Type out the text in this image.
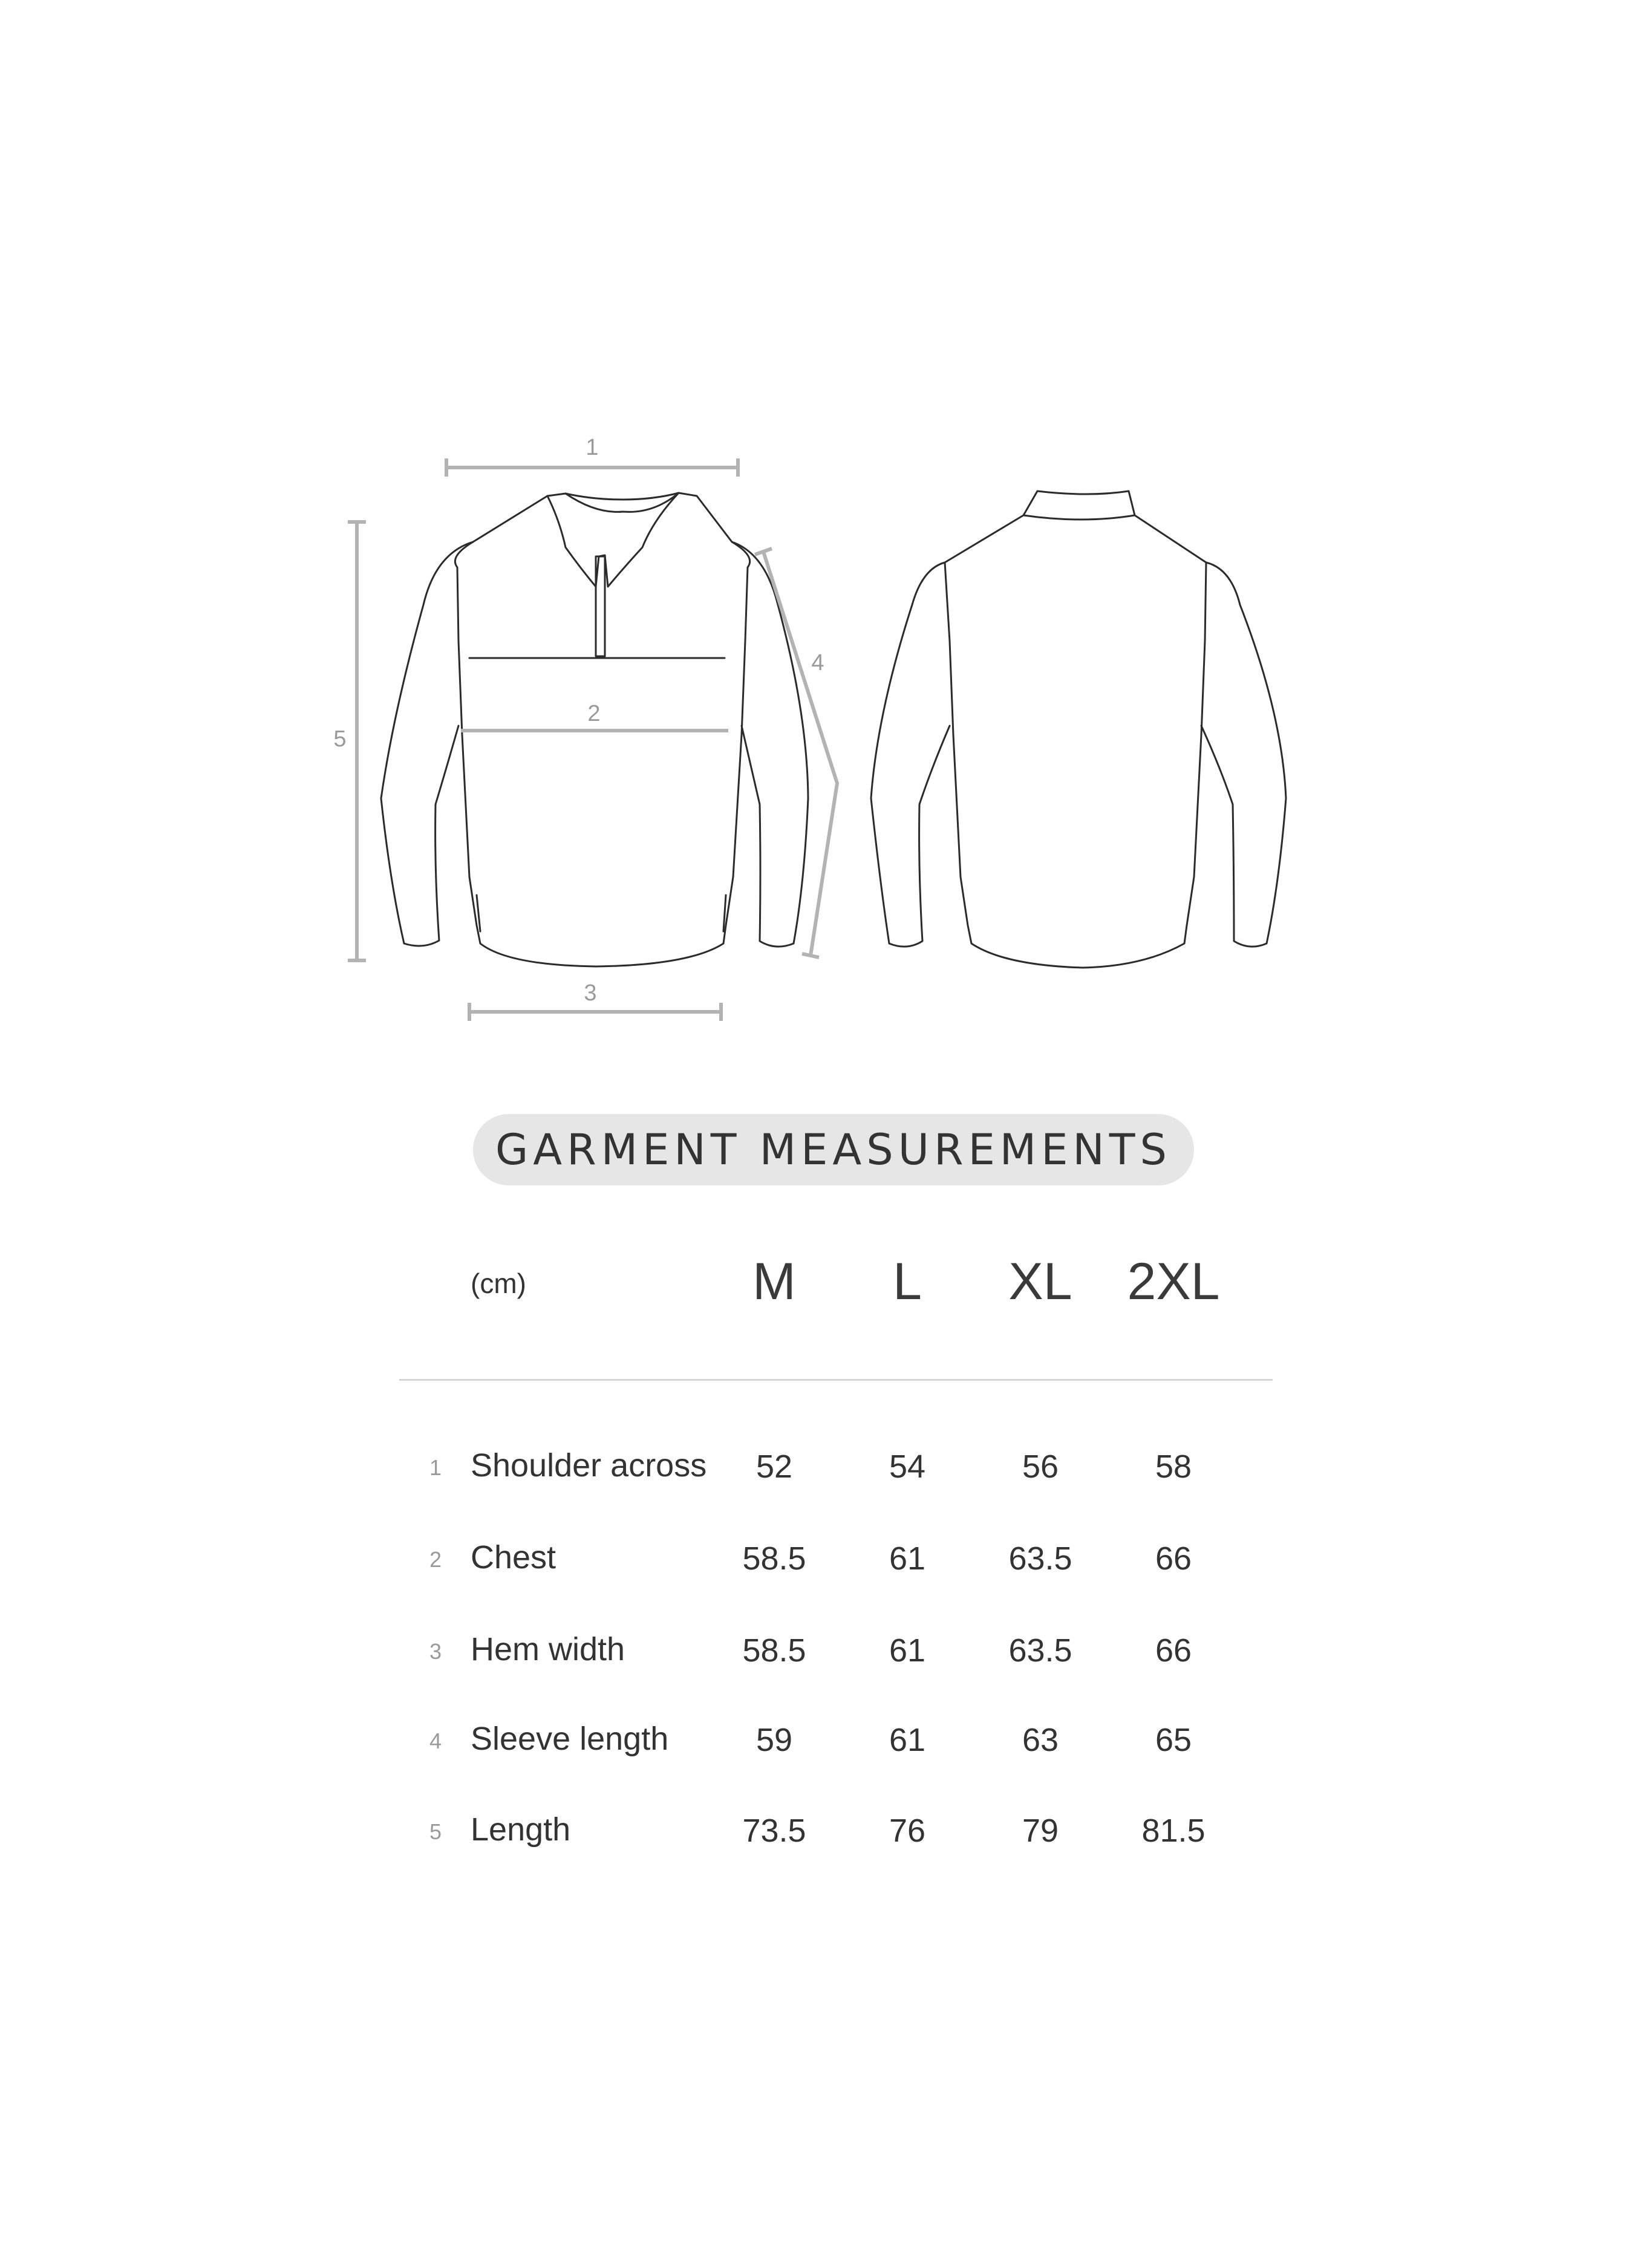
1
2
3
4
5
GARMENT MEASUREMENTS
(cm)	M	L	XL	2XL
1 Shoulder across	52	54	56	58
2 Chest	58.5	61	63.5	66
3 Hem width	58.5	61	63.5	66
4 Sleeve length	59	61	63	65
5 Length	73.5	76	79	81.5
